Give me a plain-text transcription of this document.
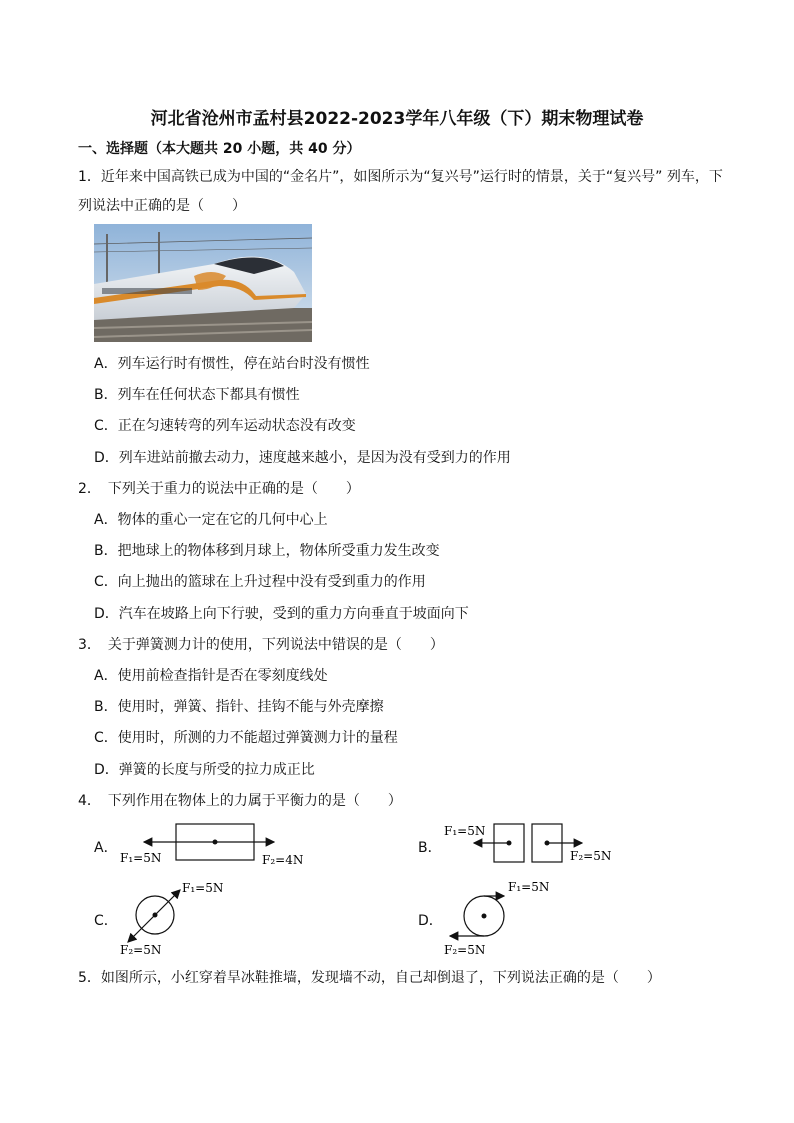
河北省沧州市孟村县2022-2023学年八年级（下）期末物理试卷
一、选择题（本大题共 20 小题，共 40 分）
1．近年来中国高铁已成为中国的“金名片”，如图所示为“复兴号”运行时的情景，关于“复兴号” 列车，下
列说法中正确的是（　　）
A．列车运行时有惯性，停在站台时没有惯性
B．列车在任何状态下都具有惯性
C．正在匀速转弯的列车运动状态没有改变
D．列车进站前撤去动力，速度越来越小，是因为没有受到力的作用
2．　下列关于重力的说法中正确的是（　　）
A．物体的重心一定在它的几何中心上
B．把地球上的物体移到月球上，物体所受重力发生改变
C．向上抛出的篮球在上升过程中没有受到重力的作用
D．汽车在坡路上向下行驶，受到的重力方向垂直于坡面向下
3．　关于弹簧测力计的使用，下列说法中错误的是（　　）
A．使用前检查指针是否在零刻度线处
B．使用时，弹簧、指针、挂钩不能与外壳摩擦
C．使用时，所测的力不能超过弹簧测力计的量程
D．弹簧的长度与所受的拉力成正比
4．　下列作用在物体上的力属于平衡力的是（　　）
A．	B．
C．	D．
F₁=5N	F₂=4N
F₁=5N
F₂=5N
F₁=5N
F₂=5N
F₁=5N
F₂=5N
5．如图所示，小红穿着旱冰鞋推墙，发现墙不动，自己却倒退了，下列说法正确的是（　　）
